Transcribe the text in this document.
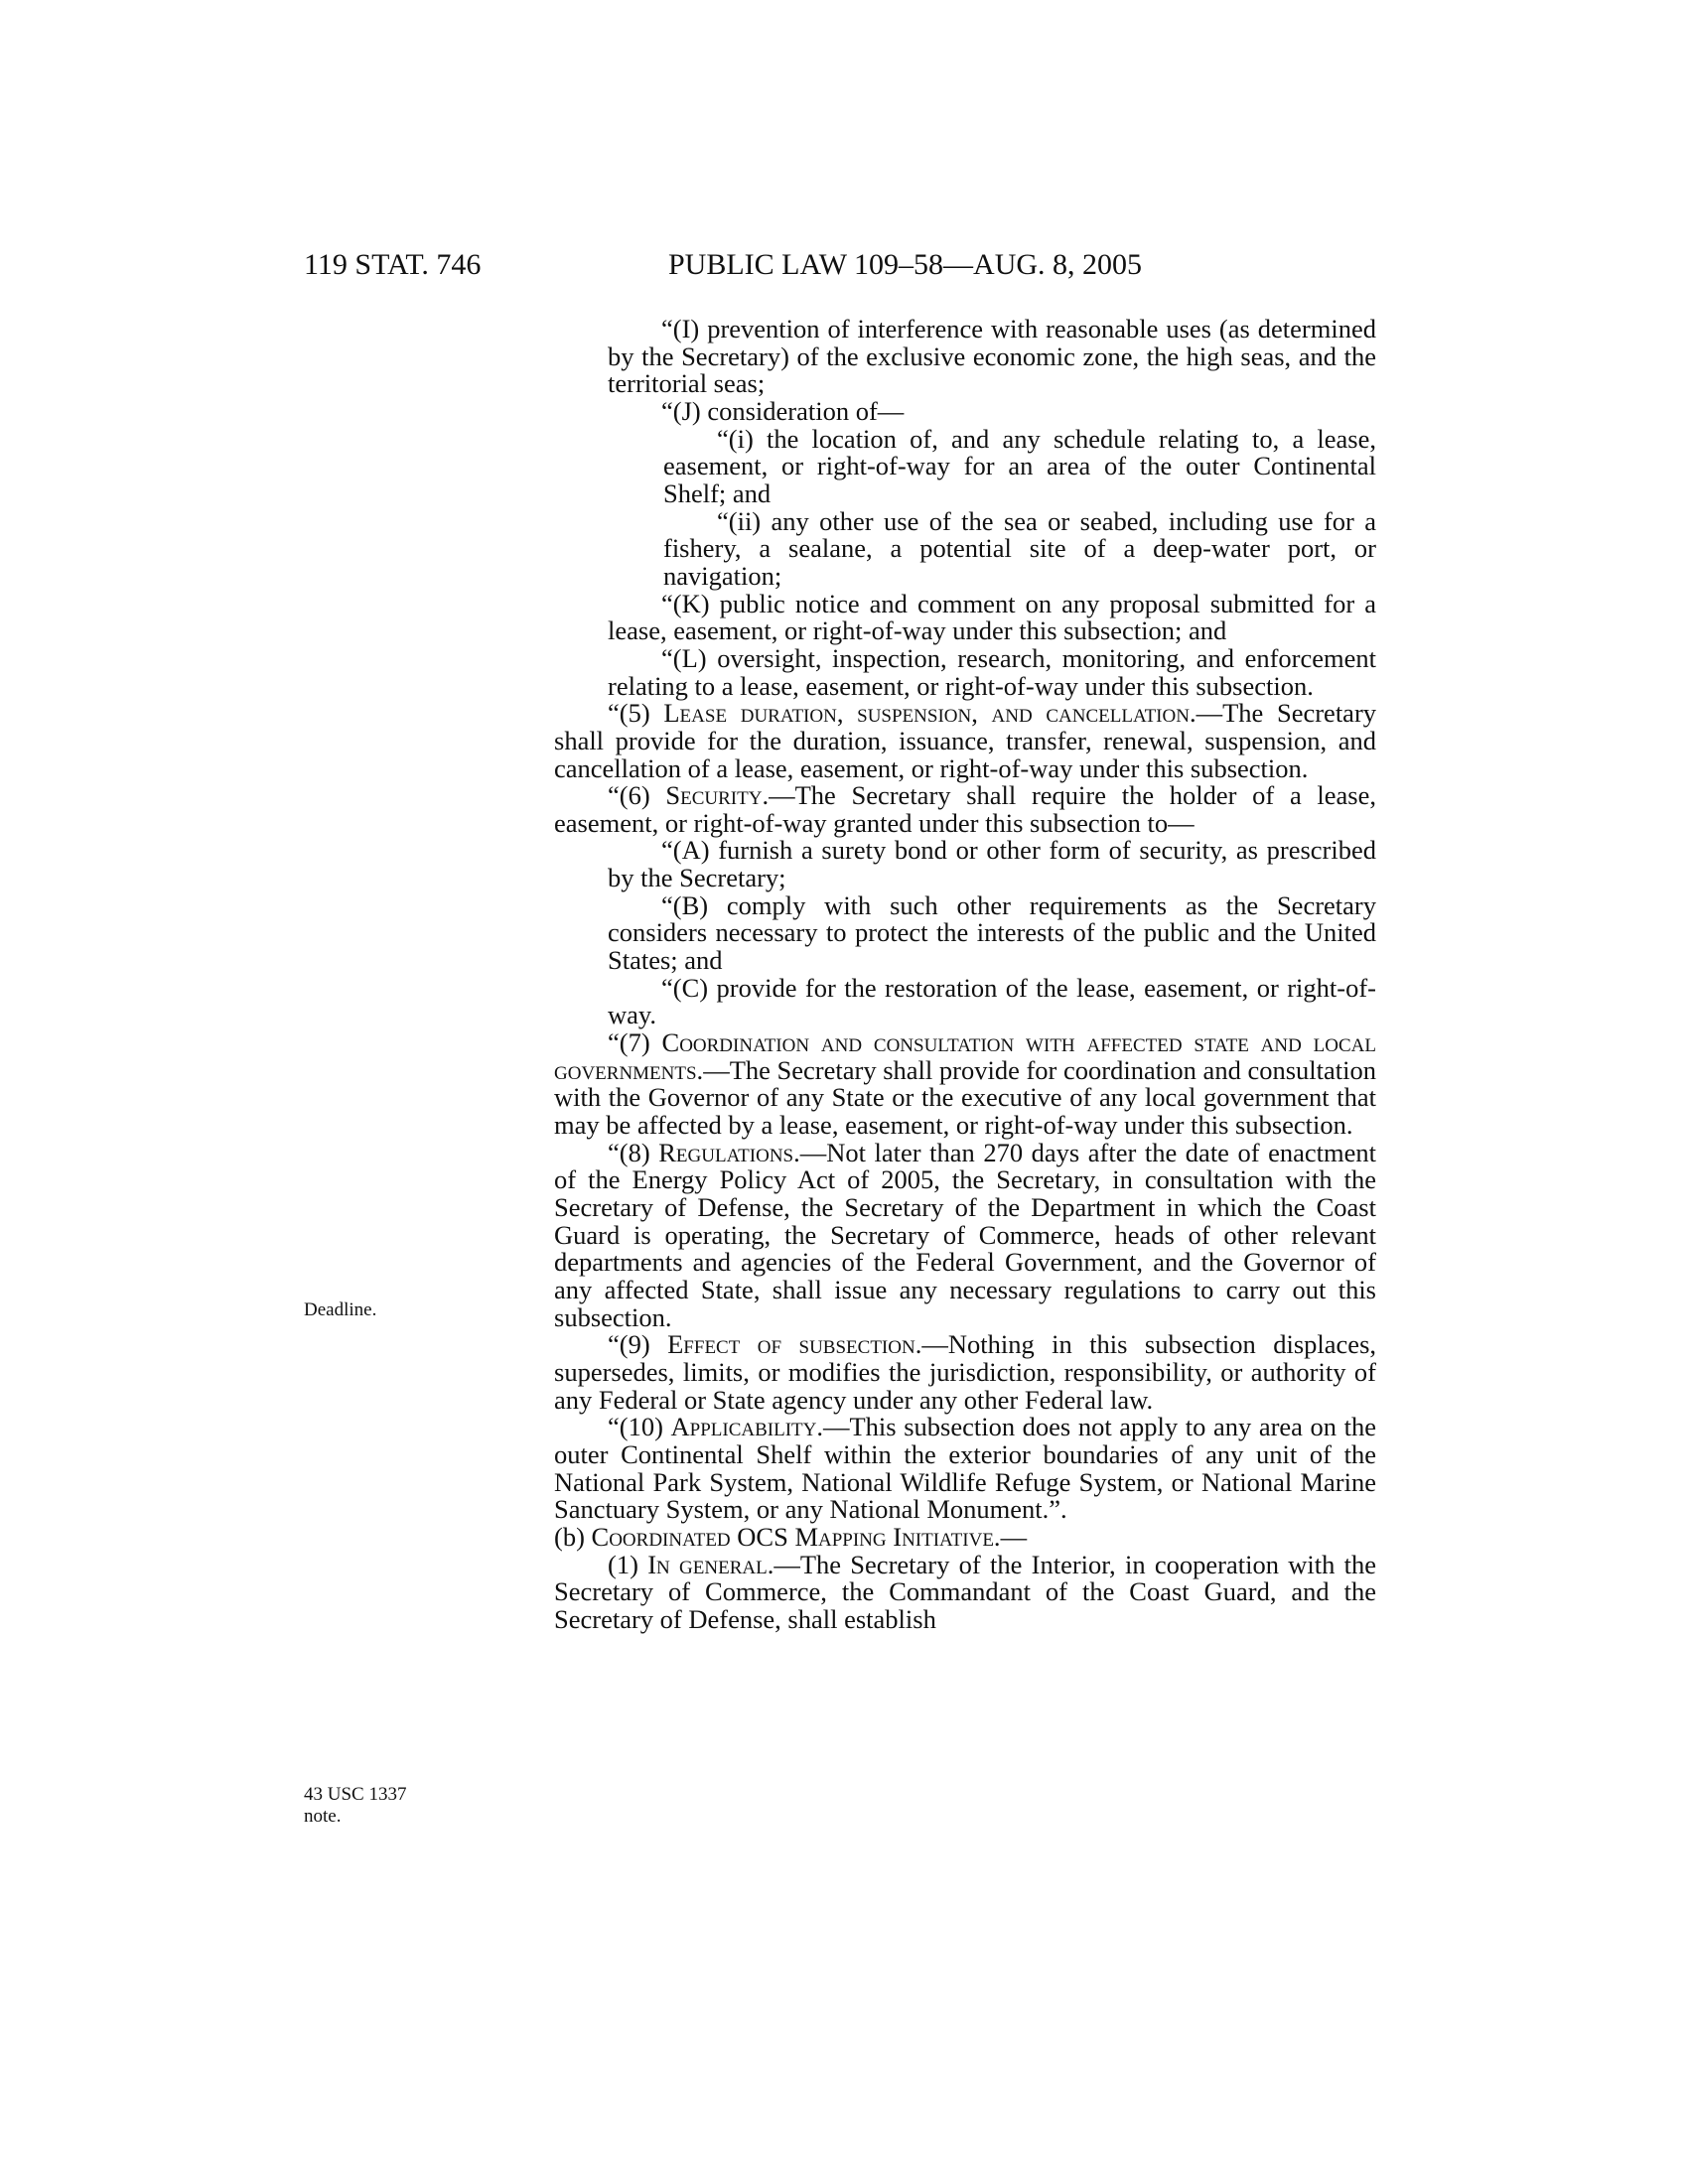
119 STAT. 746	PUBLIC LAW 109–58—AUG. 8, 2005
Deadline.
43 USC 1337
note.

“(I) prevention of interference with reasonable uses (as determined by the Secretary) of the exclusive economic zone, the high seas, and the territorial seas;

“(J) consideration of—

“(i) the location of, and any schedule relating to, a lease, easement, or right-of-way for an area of the outer Continental Shelf; and

“(ii) any other use of the sea or seabed, including use for a fishery, a sealane, a potential site of a deep-water port, or navigation;

“(K) public notice and comment on any proposal submitted for a lease, easement, or right-of-way under this subsection; and

“(L) oversight, inspection, research, monitoring, and enforcement relating to a lease, easement, or right-of-way under this subsection.

“(5) Lease duration, suspension, and cancellation.—The Secretary shall provide for the duration, issuance, transfer, renewal, suspension, and cancellation of a lease, easement, or right-of-way under this subsection.

“(6) Security.—The Secretary shall require the holder of a lease, easement, or right-of-way granted under this subsection to—

“(A) furnish a surety bond or other form of security, as prescribed by the Secretary;

“(B) comply with such other requirements as the Secretary considers necessary to protect the interests of the public and the United States; and

“(C) provide for the restoration of the lease, easement, or right-of-way.

“(7) Coordination and consultation with affected state and local governments.—The Secretary shall provide for coordination and consultation with the Governor of any State or the executive of any local government that may be affected by a lease, easement, or right-of-way under this subsection.

“(8) Regulations.—Not later than 270 days after the date of enactment of the Energy Policy Act of 2005, the Secretary, in consultation with the Secretary of Defense, the Secretary of the Department in which the Coast Guard is operating, the Secretary of Commerce, heads of other relevant departments and agencies of the Federal Government, and the Governor of any affected State, shall issue any necessary regulations to carry out this subsection.

“(9) Effect of subsection.—Nothing in this subsection displaces, supersedes, limits, or modifies the jurisdiction, responsibility, or authority of any Federal or State agency under any other Federal law.

“(10) Applicability.—This subsection does not apply to any area on the outer Continental Shelf within the exterior boundaries of any unit of the National Park System, National Wildlife Refuge System, or National Marine Sanctuary System, or any National Monument.”.

(b) Coordinated OCS Mapping Initiative.—

(1) In general.—The Secretary of the Interior, in cooperation with the Secretary of Commerce, the Commandant of the Coast Guard, and the Secretary of Defense, shall establish
